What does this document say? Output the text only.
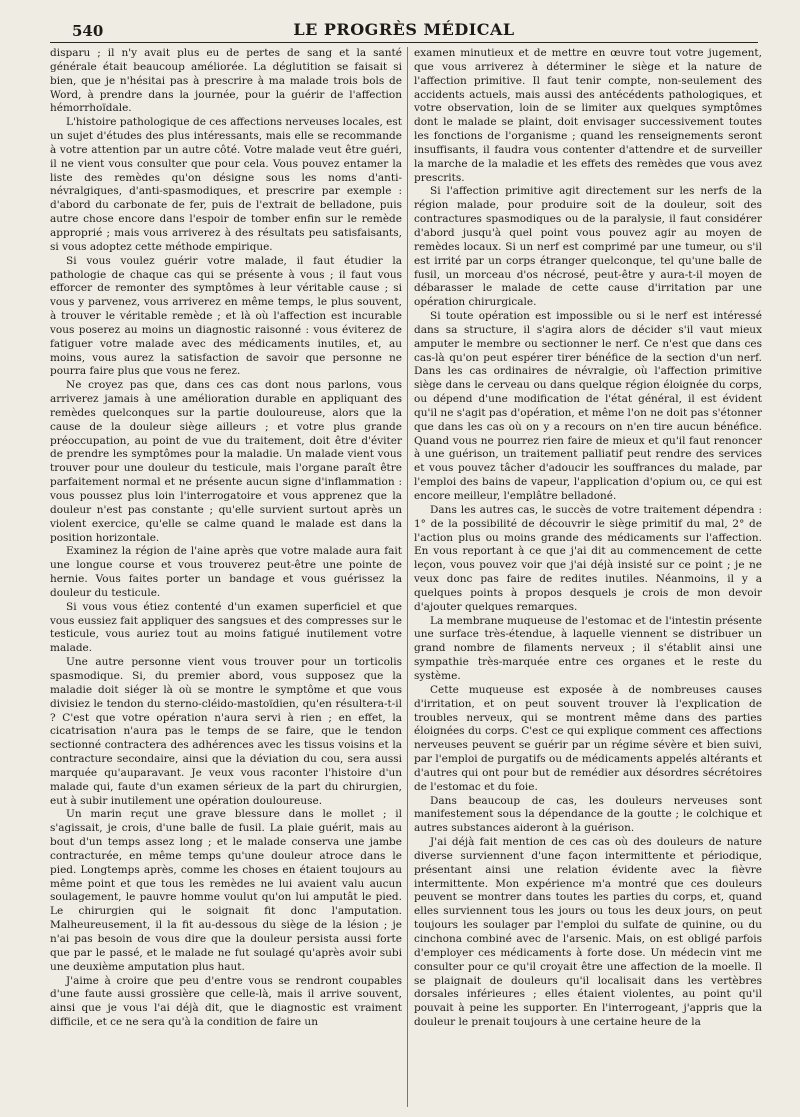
540	LE PROGRÈS MÉDICAL

disparu ; il n'y avait plus eu de pertes de sang et la santé générale était beaucoup améliorée. La déglutition se faisait si bien, que je n'hésitai pas à prescrire à ma malade trois bols de Word, à prendre dans la journée, pour la guérir de l'affection hémorrhoïdale.

L'histoire pathologique de ces affections nerveuses locales, est un sujet d'études des plus intéressants, mais elle se recommande à votre attention par un autre côté. Votre malade veut être guéri, il ne vient vous consulter que pour cela. Vous pouvez entamer la liste des remèdes qu'on désigne sous les noms d'anti-névralgiques, d'anti-spasmodiques, et prescrire par exemple : d'abord du carbonate de fer, puis de l'extrait de belladone, puis autre chose encore dans l'espoir de tomber enfin sur le remède approprié ; mais vous arriverez à des résultats peu satisfaisants, si vous adoptez cette méthode empirique.

Si vous voulez guérir votre malade, il faut étudier la pathologie de chaque cas qui se présente à vous ; il faut vous efforcer de remonter des symptômes à leur véritable cause ; si vous y parvenez, vous arriverez en même temps, le plus souvent, à trouver le véritable remède ; et là où l'affection est incurable vous poserez au moins un diagnostic raisonné : vous éviterez de fatiguer votre malade avec des médicaments inutiles, et, au moins, vous aurez la satisfaction de savoir que personne ne pourra faire plus que vous ne ferez.

Ne croyez pas que, dans ces cas dont nous parlons, vous arriverez jamais à une amélioration durable en appliquant des remèdes quelconques sur la partie douloureuse, alors que la cause de la douleur siège ailleurs ; et votre plus grande préoccupation, au point de vue du traitement, doit être d'éviter de prendre les symptômes pour la maladie. Un malade vient vous trouver pour une douleur du testicule, mais l'organe paraît être parfaitement normal et ne présente aucun signe d'inflammation : vous poussez plus loin l'interrogatoire et vous apprenez que la douleur n'est pas constante ; qu'elle survient surtout après un violent exercice, qu'elle se calme quand le malade est dans la position horizontale.

Examinez la région de l'aine après que votre malade aura fait une longue course et vous trouverez peut-être une pointe de hernie. Vous faites porter un bandage et vous guérissez la douleur du testicule.

Si vous vous étiez contenté d'un examen superficiel et que vous eussiez fait appliquer des sangsues et des compresses sur le testicule, vous auriez tout au moins fatigué inutilement votre malade.

Une autre personne vient vous trouver pour un torticolis spasmodique. Si, du premier abord, vous supposez que la maladie doit siéger là où se montre le symptôme et que vous divisiez le tendon du sterno-cléido-mastoïdien, qu'en résultera-t-il ? C'est que votre opération n'aura servi à rien ; en effet, la cicatrisation n'aura pas le temps de se faire, que le tendon sectionné contractera des adhérences avec les tissus voisins et la contracture secondaire, ainsi que la déviation du cou, sera aussi marquée qu'auparavant. Je veux vous raconter l'histoire d'un malade qui, faute d'un examen sérieux de la part du chirurgien, eut à subir inutilement une opération douloureuse.

Un marin reçut une grave blessure dans le mollet ; il s'agissait, je crois, d'une balle de fusil. La plaie guérit, mais au bout d'un temps assez long ; et le malade conserva une jambe contracturée, en même temps qu'une douleur atroce dans le pied. Longtemps après, comme les choses en étaient toujours au même point et que tous les remèdes ne lui avaient valu aucun soulagement, le pauvre homme voulut qu'on lui amputât le pied. Le chirurgien qui le soignait fit donc l'amputation. Malheureusement, il la fit au-dessous du siège de la lésion ; je n'ai pas besoin de vous dire que la douleur persista aussi forte que par le passé, et le malade ne fut soulagé qu'après avoir subi une deuxième amputation plus haut.

J'aime à croire que peu d'entre vous se rendront coupables d'une faute aussi grossière que celle-là, mais il arrive souvent, ainsi que je vous l'ai déjà dit, que le diagnostic est vraiment difficile, et ce ne sera qu'à la condition de faire un

examen minutieux et de mettre en œuvre tout votre jugement, que vous arriverez à déterminer le siège et la nature de l'affection primitive. Il faut tenir compte, non-seulement des accidents actuels, mais aussi des antécédents pathologiques, et votre observation, loin de se limiter aux quelques symptômes dont le malade se plaint, doit envisager successivement toutes les fonctions de l'organisme ; quand les renseignements seront insuffisants, il faudra vous contenter d'attendre et de surveiller la marche de la maladie et les effets des remèdes que vous avez prescrits.

Si l'affection primitive agit directement sur les nerfs de la région malade, pour produire soit de la douleur, soit des contractures spasmodiques ou de la paralysie, il faut considérer d'abord jusqu'à quel point vous pouvez agir au moyen de remèdes locaux. Si un nerf est comprimé par une tumeur, ou s'il est irrité par un corps étranger quelconque, tel qu'une balle de fusil, un morceau d'os nécrosé, peut-être y aura-t-il moyen de débarasser le malade de cette cause d'irritation par une opération chirurgicale.

Si toute opération est impossible ou si le nerf est intéressé dans sa structure, il s'agira alors de décider s'il vaut mieux amputer le membre ou sectionner le nerf. Ce n'est que dans ces cas-là qu'on peut espérer tirer bénéfice de la section d'un nerf. Dans les cas ordinaires de névralgie, où l'affection primitive siège dans le cerveau ou dans quelque région éloignée du corps, ou dépend d'une modification de l'état général, il est évident qu'il ne s'agit pas d'opération, et même l'on ne doit pas s'étonner que dans les cas où on y a recours on n'en tire aucun bénéfice. Quand vous ne pourrez rien faire de mieux et qu'il faut renoncer à une guérison, un traitement palliatif peut rendre des services et vous pouvez tâcher d'adoucir les souffrances du malade, par l'emploi des bains de vapeur, l'application d'opium ou, ce qui est encore meilleur, l'emplâtre belladoné.

Dans les autres cas, le succès de votre traitement dépendra : 1° de la possibilité de découvrir le siège primitif du mal, 2° de l'action plus ou moins grande des médicaments sur l'affection. En vous reportant à ce que j'ai dit au commencement de cette leçon, vous pouvez voir que j'ai déjà insisté sur ce point ; je ne veux donc pas faire de redites inutiles. Néanmoins, il y a quelques points à propos desquels je crois de mon devoir d'ajouter quelques remarques.

La membrane muqueuse de l'estomac et de l'intestin présente une surface très-étendue, à laquelle viennent se distribuer un grand nombre de filaments nerveux ; il s'établit ainsi une sympathie très-marquée entre ces organes et le reste du système.

Cette muqueuse est exposée à de nombreuses causes d'irritation, et on peut souvent trouver là l'explication de troubles nerveux, qui se montrent même dans des parties éloignées du corps. C'est ce qui explique comment ces affections nerveuses peuvent se guérir par un régime sévère et bien suivi, par l'emploi de purgatifs ou de médicaments appelés altérants et d'autres qui ont pour but de remédier aux désordres sécrétoires de l'estomac et du foie.

Dans beaucoup de cas, les douleurs nerveuses sont manifestement sous la dépendance de la goutte ; le colchique et autres substances aideront à la guérison.

J'ai déjà fait mention de ces cas où des douleurs de nature diverse surviennent d'une façon intermittente et périodique, présentant ainsi une relation évidente avec la fièvre intermittente. Mon expérience m'a montré que ces douleurs peuvent se montrer dans toutes les parties du corps, et, quand elles surviennent tous les jours ou tous les deux jours, on peut toujours les soulager par l'emploi du sulfate de quinine, ou du cinchona combiné avec de l'arsenic. Mais, on est obligé parfois d'employer ces médicaments à forte dose. Un médecin vint me consulter pour ce qu'il croyait être une affection de la moelle. Il se plaignait de douleurs qu'il localisait dans les vertèbres dorsales inférieures ; elles étaient violentes, au point qu'il pouvait à peine les supporter. En l'interrogeant, j'appris que la douleur le prenait toujours à une certaine heure de la
